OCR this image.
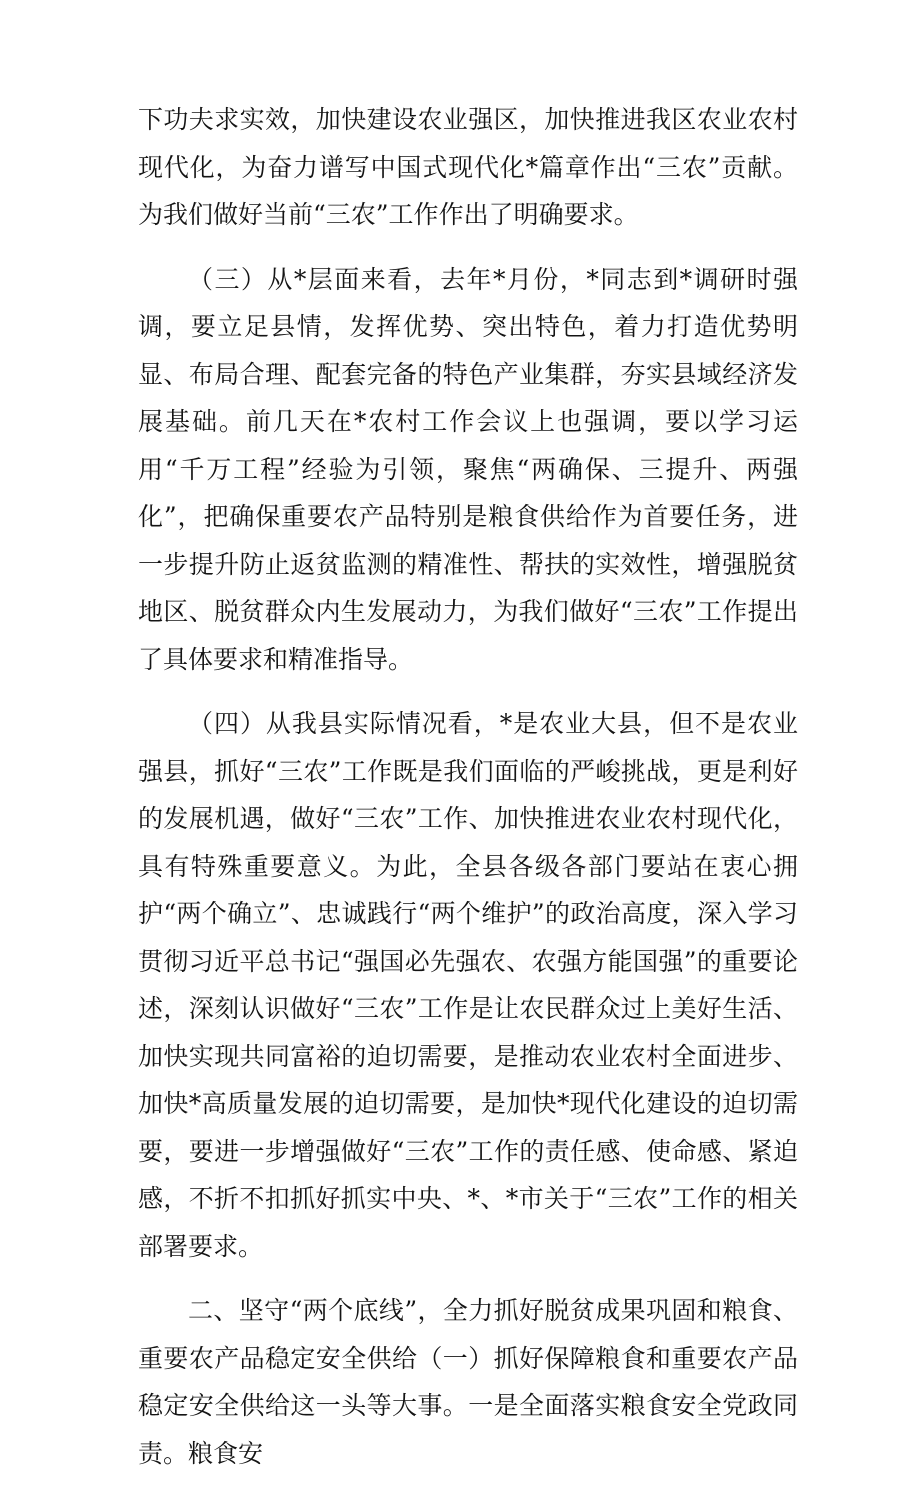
下功夫求实效，加快建设农业强区，加快推进我区农业农村现代化，为奋力谱写中国式现代化*篇章作出“三农”贡献。为我们做好当前“三农”工作作出了明确要求。

（三）从*层面来看，去年*月份，*同志到*调研时强调，要立足县情，发挥优势、突出特色，着力打造优势明显、布局合理、配套完备的特色产业集群，夯实县域经济发展基础。前几天在*农村工作会议上也强调，要以学习运用“千万工程”经验为引领，聚焦“两确保、三提升、两强化”，把确保重要农产品特别是粮食供给作为首要任务，进一步提升防止返贫监测的精准性、帮扶的实效性，增强脱贫地区、脱贫群众内生发展动力，为我们做好“三农”工作提出了具体要求和精准指导。

（四）从我县实际情况看，*是农业大县，但不是农业强县，抓好“三农”工作既是我们面临的严峻挑战，更是利好的发展机遇，做好“三农”工作、加快推进农业农村现代化，具有特殊重要意义。为此，全县各级各部门要站在衷心拥护“两个确立”、忠诚践行“两个维护”的政治高度，深入学习贯彻习近平总书记“强国必先强农、农强方能国强”的重要论述，深刻认识做好“三农”工作是让农民群众过上美好生活、加快实现共同富裕的迫切需要，是推动农业农村全面进步、加快*高质量发展的迫切需要，是加快*现代化建设的迫切需要，要进一步增强做好“三农”工作的责任感、使命感、紧迫感，不折不扣抓好抓实中央、*、*市关于“三农”工作的相关部署要求。

二、坚守“两个底线”，全力抓好脱贫成果巩固和粮食、重要农产品稳定安全供给（一）抓好保障粮食和重要农产品稳定安全供给这一头等大事。一是全面落实粮食安全党政同责。粮食安
